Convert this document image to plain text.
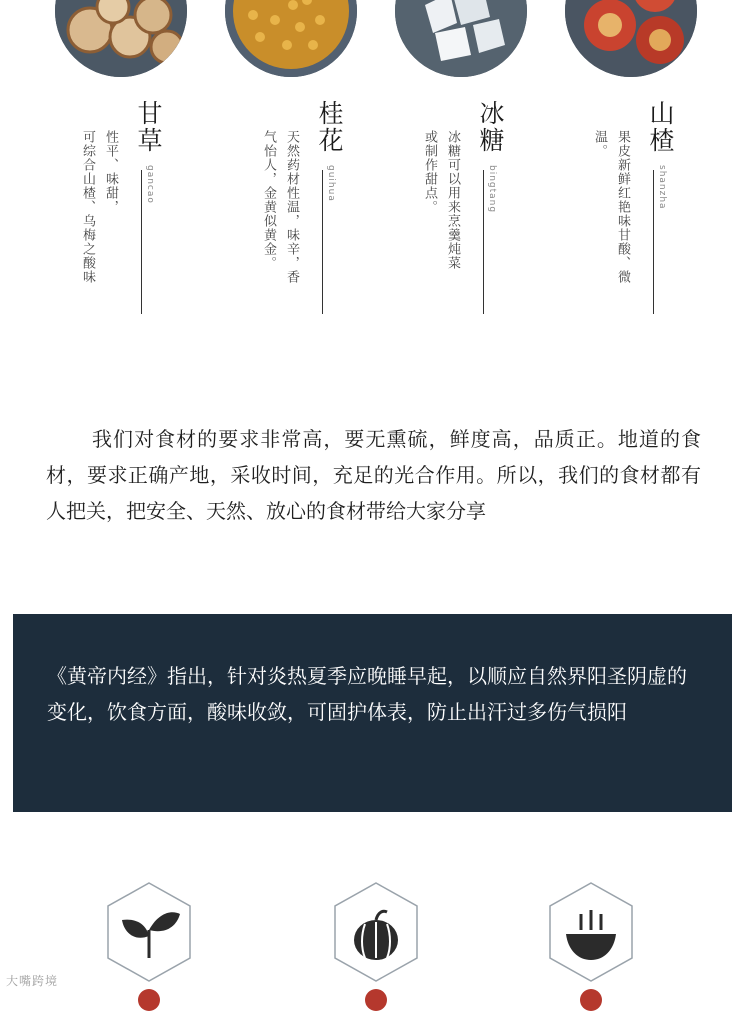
甘草
gancao
性平、味甜，
可综合山楂、乌梅之酸味
桂花
guihua
天然药材性温，味辛，香
气怡人，金黄似黄金。
冰糖
bingtang
冰糖可以用来烹羹炖菜
或制作甜点。
山楂
shanzha
果皮新鲜红艳味甘酸、微
温。

我们对食材的要求非常高，要无熏硫，鲜度高，品质正。地道的食材，要求正确产地，采收时间，充足的光合作用。所以，我们的食材都有人把关，把安全、天然、放心的食材带给大家分享

《黄帝内经》指出，针对炎热夏季应晚睡早起，以顺应自然界阳圣阴虚的变化，饮食方面，酸味收敛，可固护体表，防止出汗过多伤气损阳

大嘴跨境
